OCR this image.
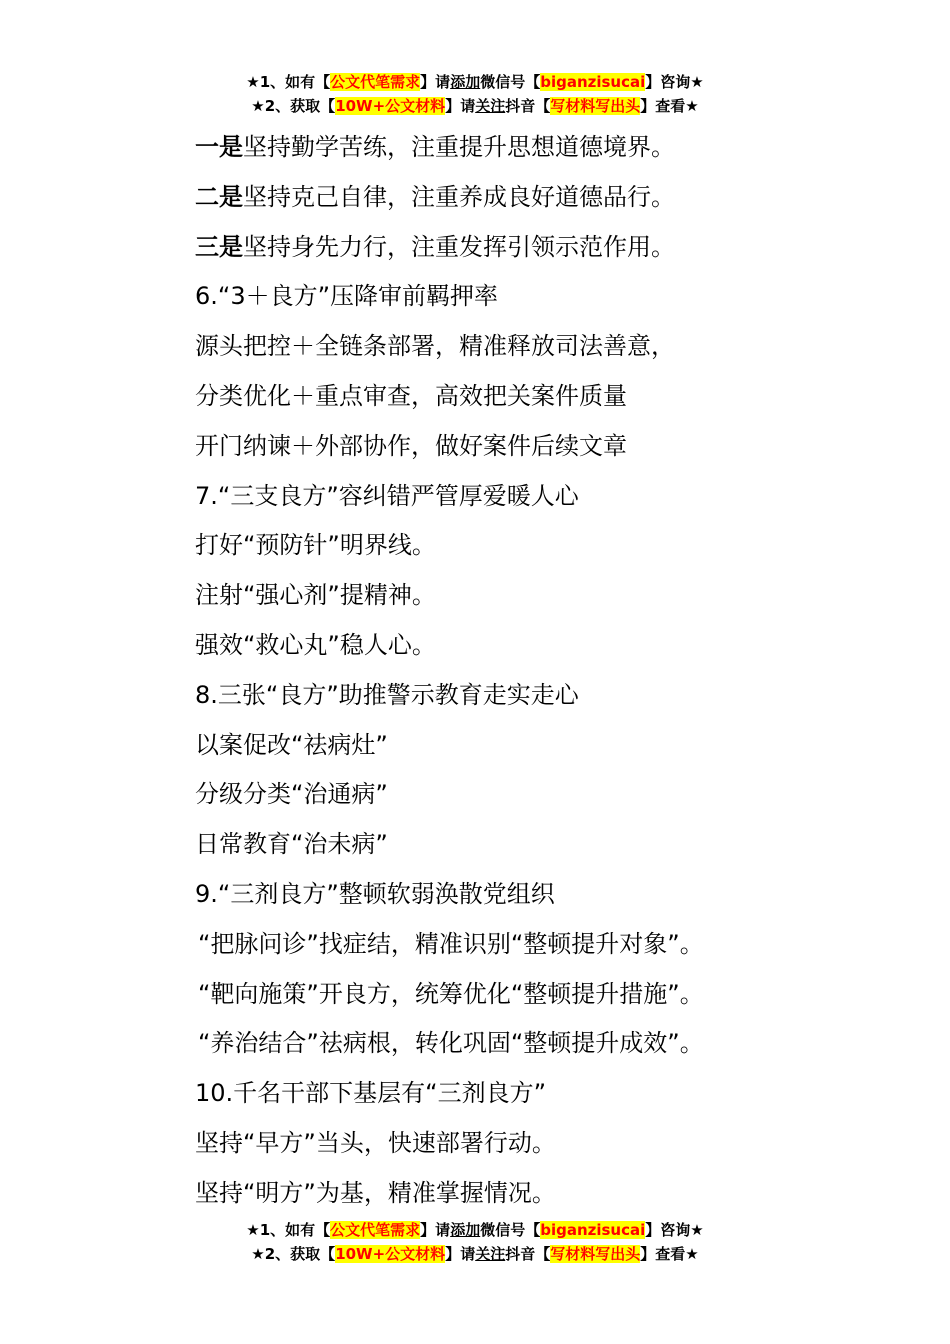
★1、如有【公文代笔需求】请添加微信号【biganzisucai】咨询★
★2、获取【10W+公文材料】请关注抖音【写材料写出头】查看★
一是坚持勤学苦练，注重提升思想道德境界。
二是坚持克己自律，注重养成良好道德品行。
三是坚持身先力行，注重发挥引领示范作用。
6.“3＋良方”压降审前羁押率
源头把控＋全链条部署，精准释放司法善意，
分类优化＋重点审查，高效把关案件质量
开门纳谏＋外部协作，做好案件后续文章
7.“三支良方”容纠错严管厚爱暖人心
打好“预防针”明界线。
注射“强心剂”提精神。
强效“救心丸”稳人心。
8.三张“良方”助推警示教育走实走心
以案促改“祛病灶”
分级分类“治通病”
日常教育“治未病”
9.“三剂良方”整顿软弱涣散党组织
“把脉问诊”找症结，精准识别“整顿提升对象”。
“靶向施策”开良方，统筹优化“整顿提升措施”。
“养治结合”祛病根，转化巩固“整顿提升成效”。
10.千名干部下基层有“三剂良方”
坚持“早方”当头，快速部署行动。
坚持“明方”为基，精准掌握情况。
★1、如有【公文代笔需求】请添加微信号【biganzisucai】咨询★
★2、获取【10W+公文材料】请关注抖音【写材料写出头】查看★
